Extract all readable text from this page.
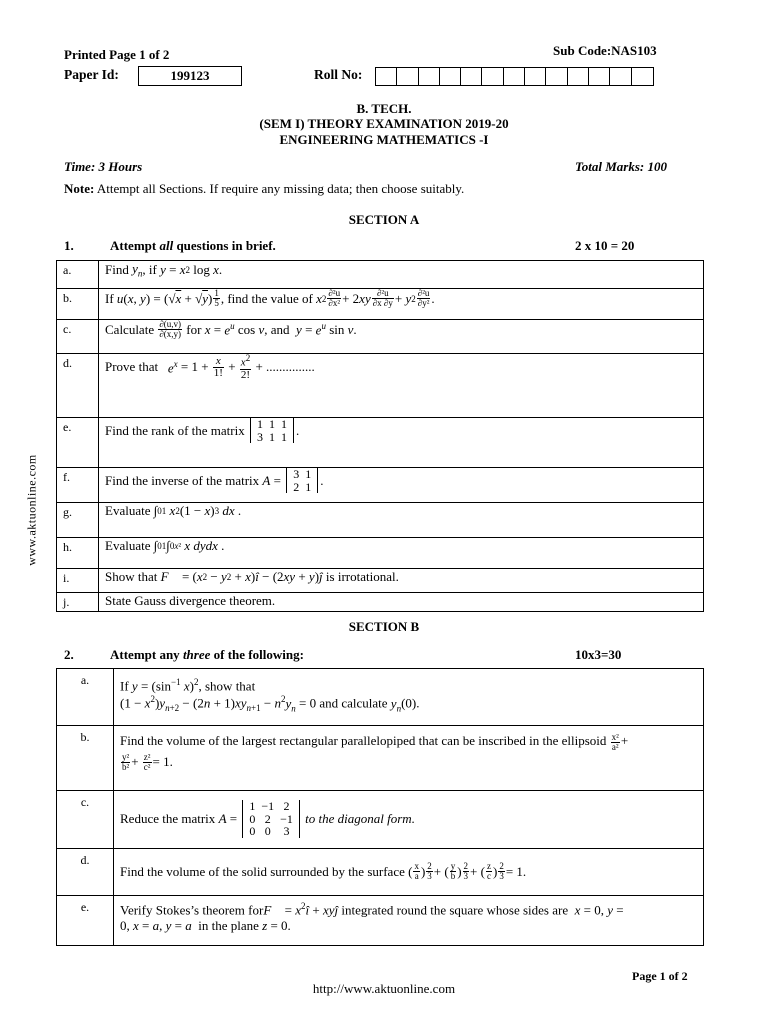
Printed Page 1 of 2	Sub Code:NAS103
Paper Id:	199123	Roll No:
B. TECH.
(SEM I) THEORY EXAMINATION 2019-20
ENGINEERING MATHEMATICS -I
Time: 3 Hours	Total Marks: 100
Note: Attempt all Sections. If require any missing data; then choose suitably.
SECTION A
1.	Attempt all questions in brief.	2 x 10 = 20
a.	Find $y_n$ , if y = x 2 log x .

b.	If u ( x , y ) = (√ x + √ y ) $\frac{1}{5}$ , find the value of x $2 \frac{\text{∂²u}}{\text{∂x²}} + 2$ xy $\frac{\text{∂²u}}{\partial x \partial y} + y$ $2 \frac{\text{∂²u}}{\text{∂y²}}$ .

c.	Calculate $\frac{\partial(u,v)}{\partial(x,y)}$ for $x = e^u$ cos v , and $y = e^u$ sin v .

d.	Prove that $e^x = 1 + \frac{x}{1!} + \frac{x^2}{2!}$ + ...............

e.	Find the rank of the matrix 1	1	1
3	1	1 .

f.	Find the inverse of the matrix A = 3	1
2	1 .

g.	Evaluate ∫ 0 1
x 2 (1 − x ) 3
dx .

h.	Evaluate ∫ 0 1 ∫ 0 x²
x dydx .

i.	Show that F⃗ = ( x 2 − y 2 + x ) î − (2 xy + y ) ĵ is irrotational.

j.	State Gauss divergence theorem.
SECTION B
2.	Attempt any three of the following:	10x3=30
a.	If $y = (\sin^{-1}$ x)$^2$, show that
$(1 - x^2)y_{n+2} - (2n + 1)xy_{n+1} - n^2y_n = 0$ and calculate $y_n(0)$.
b.	Find the volume of the largest rectangular parallelopiped that can be inscribed in the ellipsoid $\frac{\text{x²}}{\text{a²}}$ +

$\frac{\text{y²}}{\text{b²}} + \frac{\text{z²}}{\text{c²}} = 1$.
c.	
Reduce the matrix A =
1	−1	2
0	2	−1
0	0	3

to the diagonal form.

d.	
Find the volume of the solid surrounded by the surface ( $\frac{x}{a}$ ) $\frac{2}{3}$ + ( $\frac{y}{b}$ ) $\frac{2}{3}$ + ( $\frac{z}{c}$ ) $\frac{2}{3} = 1$.

e.	Verify Stokes’s theorem forF⃗ = $x^2î$ + xyĵ integrated round the square whose sides are  x = 0, y =
0, x = a, y = a  in the plane z = 0.
www.aktuonline.com
Page 1 of 2
http://www.aktuonline.com
